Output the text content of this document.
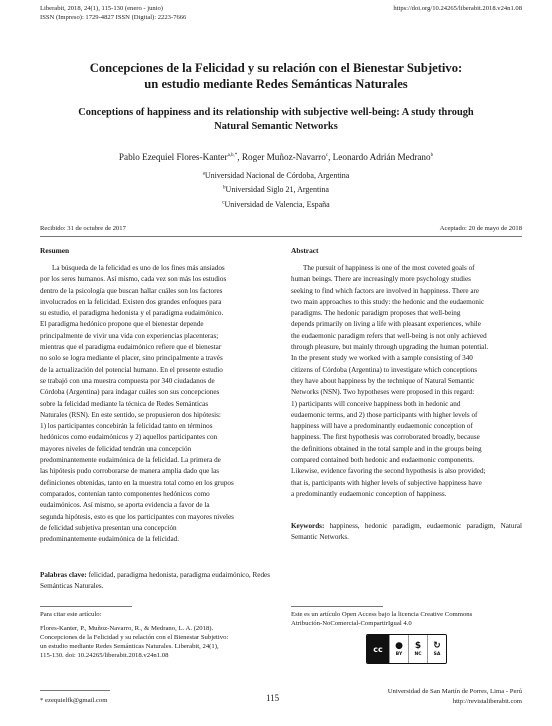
Liberabit, 2018, 24(1), 115-130 (enero - junio)
ISSN (Impreso): 1729-4827 ISSN (Digital): 2223-7666
https://doi.org/10.24265/liberabit.2018.v24n1.08
Concepciones de la Felicidad y su relación con el Bienestar Subjetivo:
un estudio mediante Redes Semánticas Naturales
Conceptions of happiness and its relationship with subjective well-being: A study through
Natural Semantic Networks
Pablo Ezequiel Flores-Kanter$^{a,b,*}$, Roger Muñoz-Navarro$^c$, Leonardo Adrián Medrano$^b$
$^a$Universidad Nacional de Córdoba, Argentina
$^b$Universidad Siglo 21, Argentina
$^c$Universidad de Valencia, España
Recibido: 31 de octubre de 2017	Aceptado: 20 de mayo de 2018
Resumen
La búsqueda de la felicidad es uno de los fines más ansiados
por los seres humanos. Así mismo, cada vez son más los estudios
dentro de la psicología que buscan hallar cuáles son los factores
involucrados en la felicidad. Existen dos grandes enfoques para
su estudio, el paradigma hedonista y el paradigma eudaimónico.
El paradigma hedónico propone que el bienestar depende
principalmente de vivir una vida con experiencias placenteras;
mientras que el paradigma eudaimónico refiere que el bienestar
no solo se logra mediante el placer, sino principalmente a través
de la actualización del potencial humano. En el presente estudio
se trabajó con una muestra compuesta por 340 ciudadanos de
Córdoba (Argentina) para indagar cuáles son sus concepciones
sobre la felicidad mediante la técnica de Redes Semánticas
Naturales (RSN). En este sentido, se propusieron dos hipótesis:
1) los participantes concebirán la felicidad tanto en términos
hedónicos como eudaimónicos y 2) aquellos participantes con
mayores niveles de felicidad tendrán una concepción
predominantemente eudaimónica de la felicidad. La primera de
las hipótesis pudo corroborarse de manera amplia dado que las
definiciones obtenidas, tanto en la muestra total como en los grupos
comparados, contenían tanto componentes hedónicos como
eudaimónicos. Así mismo, se aporta evidencia a favor de la
segunda hipótesis, esto es que los participantes con mayores niveles
de felicidad subjetiva presentan una concepción
predominantemente eudaimónica de la felicidad.
Palabras clave: felicidad, paradigma hedonista, paradigma eudaimónico, Redes Semánticas Naturales.
Abstract
The pursuit of happiness is one of the most coveted goals of
human beings. There are increasingly more psychology studies
seeking to find which factors are involved in happiness. There are
two main approaches to this study: the hedonic and the eudaemonic
paradigms. The hedonic paradigm proposes that well-being
depends primarily on living a life with pleasant experiences, while
the eudaemonic paradigm refers that well-being is not only achieved
through pleasure, but mainly through upgrading the human potential.
In the present study we worked with a sample consisting of 340
citizens of Córdoba (Argentina) to investigate which conceptions
they have about happiness by the technique of Natural Semantic
Networks (NSN). Two hypotheses were proposed in this regard:
1) participants will conceive happiness both in hedonic and
eudaemonic terms, and 2) those participants with higher levels of
happiness will have a predominantly eudaemonic conception of
happiness. The first hypothesis was corroborated broadly, because
the definitions obtained in the total sample and in the groups being
compared contained both hedonic and eudaemonic components.
Likewise, evidence favoring the second hypothesis is also provided;
that is, participants with higher levels of subjective happiness have
a predominantly eudaemonic conception of happiness.
Keywords: happiness, hedonic paradigm, eudaemonic paradigm, Natural Semantic Networks.
Para citar este artículo:
Flores-Kanter, P., Muñoz-Navarro, R., & Medrano, L. A. (2018).
Concepciones de la Felicidad y su relación con el Bienestar Subjetivo:
un estudio mediante Redes Semánticas Naturales. Liberabit, 24(1),
115-130. doi: 10.24265/liberabit.2018.v24n1.08
Este es un artículo Open Access bajo la licencia Creative Commons
Atribución-NoComercial-CompartirIgual 4.0
cc ●
BY
$
NC
↻
SA
* ezequielfk@gmail.com	115
Universidad de San Martín de Porres, Lima - Perú
http://revistaliberabit.com
